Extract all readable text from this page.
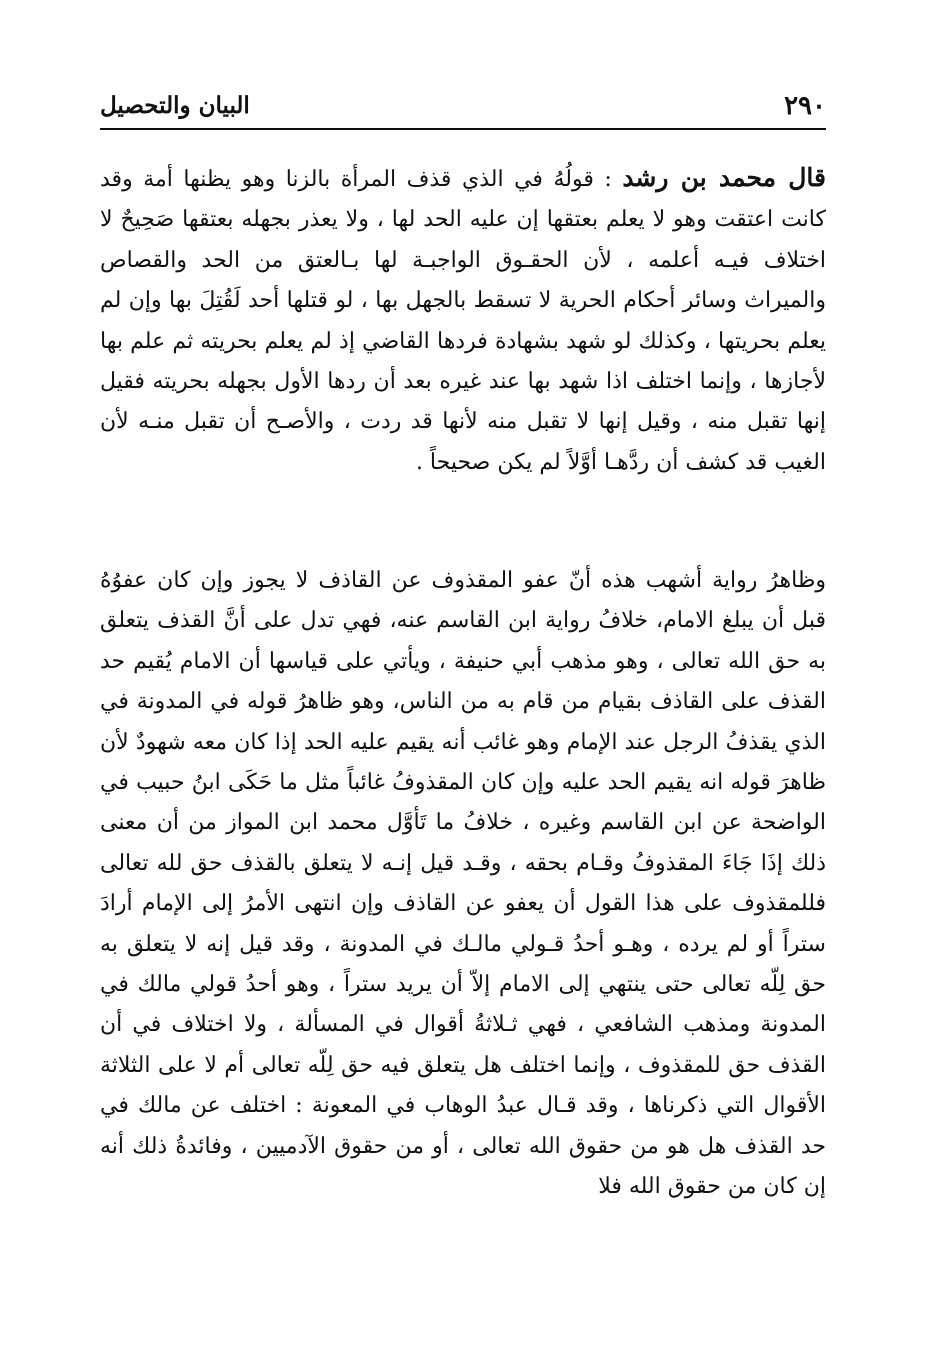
٢٩٠
البيان والتحصيل

قال محمد بن رشد : قولُهُ في الذي قذف المرأة بالزنا وهو يظنها أمة وقد كانت اعتقت وهو لا يعلم بعتقها إن عليه الحد لها ، ولا يعذر بجهله بعتقها صَحِيحٌ لا اختلاف فيـه أعلمه ، لأن الحقـوق الواجبـة لها بـالعتق من الحد والقصاص والميراث وسائر أحكام الحرية لا تسقط بالجهل بها ، لو قتلها أحد لَقُتِلَ بها وإن لم يعلم بحريتها ، وكذلك لو شهد بشهادة فردها القاضي إذ لم يعلم بحريته ثم علم بها لأجازها ، وإنما اختلف اذا شهد بها عند غيره بعد أن ردها الأول بجهله بحريته فقيل إنها تقبل منه ، وقيل إنها لا تقبل منه لأنها قد ردت ، والأصـح أن تقبل منـه لأن الغيب قد كشف أن ردَّهـا أوَّلاً لم يكن صحيحاً .

وظاهرُ رواية أشهب هذه أنّ عفو المقذوف عن القاذف لا يجوز وإن كان عفوُهُ قبل أن يبلغ الامام، خلافُ رواية ابن القاسم عنه، فهي تدل على أنَّ القذف يتعلق به حق الله تعالى ، وهو مذهب أبي حنيفة ، ويأتي على قياسها أن الامام يُقيم حد القذف على القاذف بقيام من قام به من الناس، وهو ظاهرُ قوله في المدونة في الذي يقذفُ الرجل عند الإمام وهو غائب أنه يقيم عليه الحد إذا كان معه شهودٌ لأن ظاهرَ قوله انه يقيم الحد عليه وإن كان المقذوفُ غائباً مثل ما حَكَى ابنُ حبيب في الواضحة عن ابن القاسم وغيره ، خلافُ ما تَأوَّل محمد ابن المواز من أن معنى ذلك إذَا جَاءَ المقذوفُ وقـام بحقه ، وقـد قيل إنـه لا يتعلق بالقذف حق لله تعالى فللمقذوف على هذا القول أن يعفو عن القاذف وإن انتهى الأمرُ إلى الإمام أرادَ ستراً أو لم يرده ، وهـو أحدُ قـولي مالـك في المدونة ، وقد قيل إنه لا يتعلق به حق لِلّه تعالى حتى ينتهي إلى الامام إلاّ أن يريد ستراً ، وهو أحدُ قولي مالك في المدونة ومذهب الشافعي ، فهي ثـلاثةُ أقوال في المسألة ، ولا اختلاف في أن القذف حق للمقذوف ، وإنما اختلف هل يتعلق فيه حق لِلّه تعالى أم لا على الثلاثة الأقوال التي ذكرناها ، وقد قـال عبدُ الوهاب في المعونة : اختلف عن مالك في حد القذف هل هو من حقوق الله تعالى ، أو من حقوق الآدميين ، وفائدةُ ذلك أنه إن كان من حقوق الله فلا
